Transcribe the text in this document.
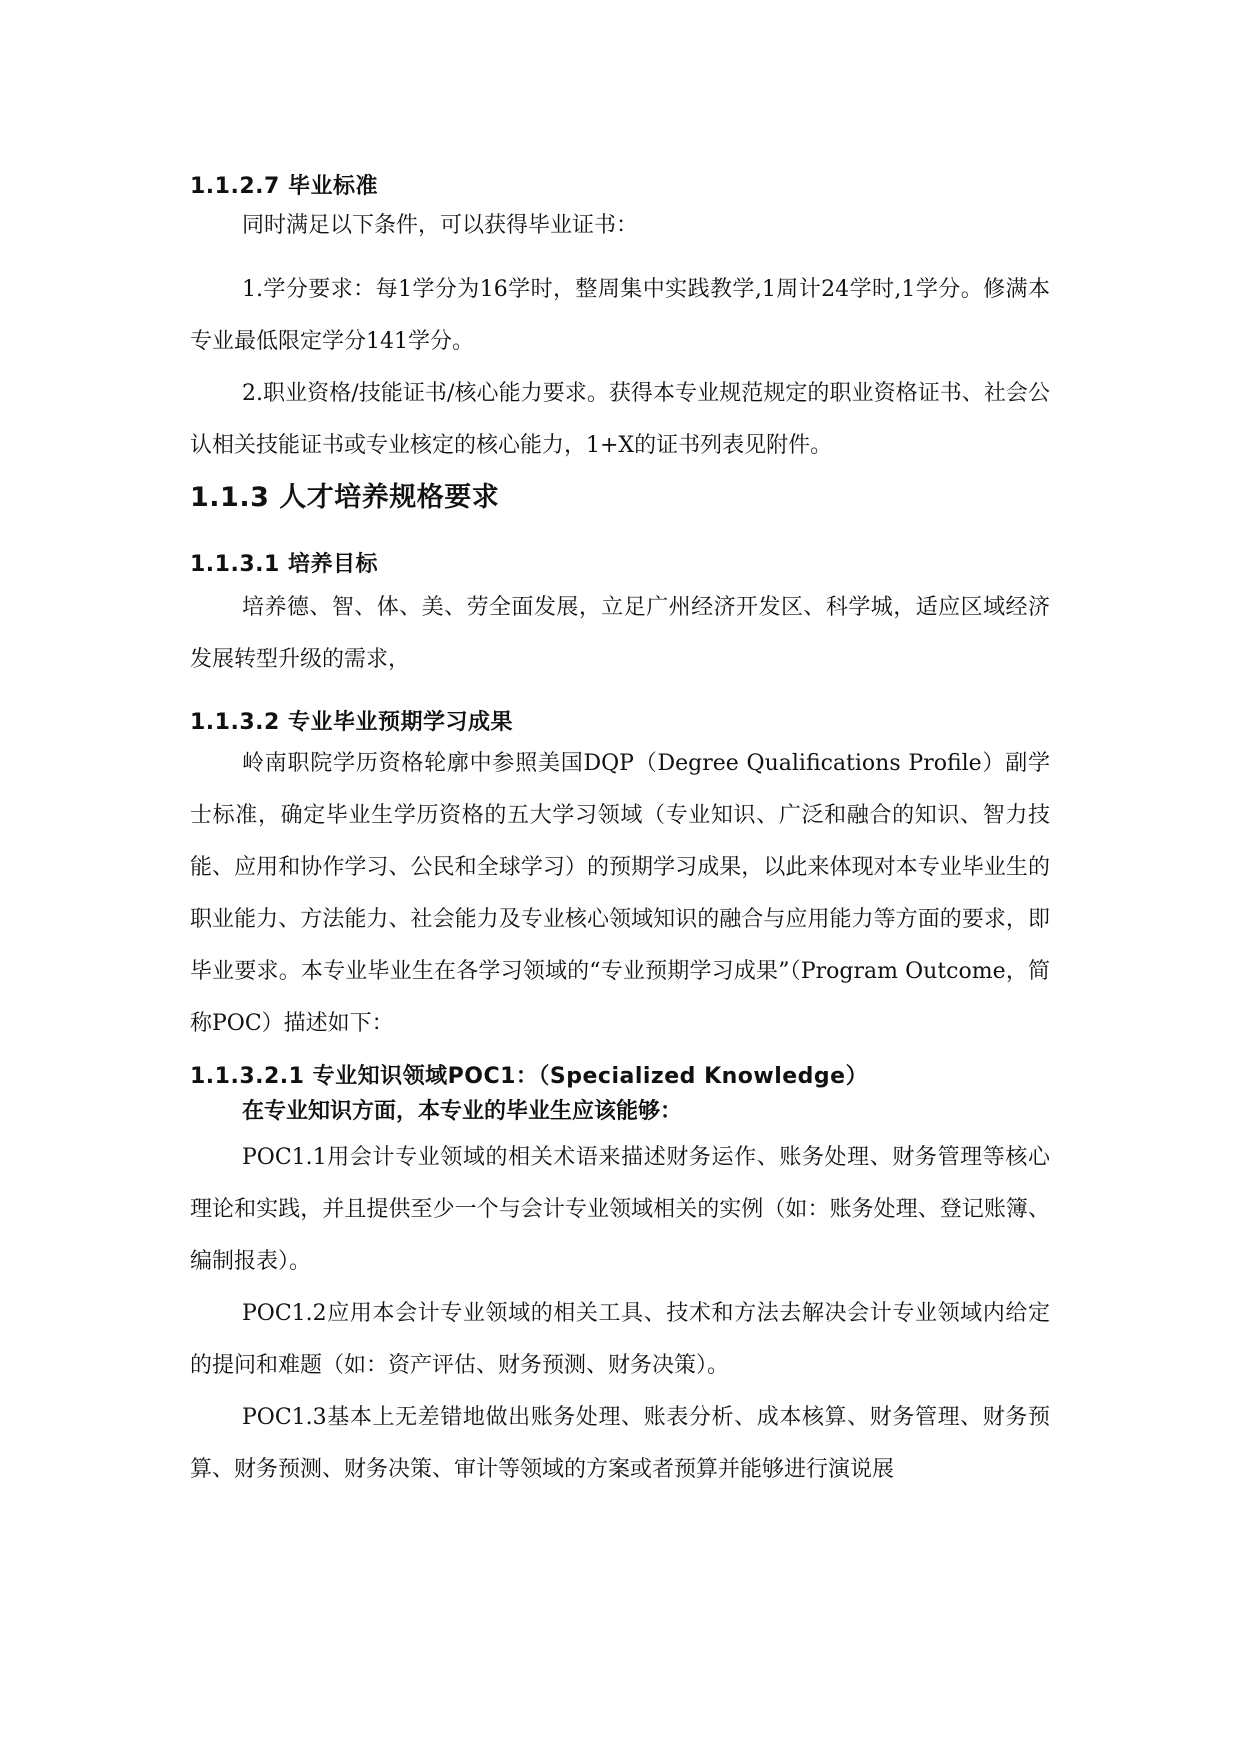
1.1.2.7 毕业标准

同时满足以下条件，可以获得毕业证书：

1.学分要求：每1学分为16学时，整周集中实践教学,1周计24学时,1学分。修满本专业最低限定学分141学分。

2.职业资格/技能证书/核心能力要求。获得本专业规范规定的职业资格证书、社会公认相关技能证书或专业核定的核心能力，1+X的证书列表见附件。

1.1.3 人才培养规格要求

1.1.3.1 培养目标

培养德、智、体、美、劳全面发展，立足广州经济开发区、科学城，适应区域经济发展转型升级的需求，

1.1.3.2 专业毕业预期学习成果

岭南职院学历资格轮廓中参照美国DQP（Degree Qualifications Profile）副学士标准，确定毕业生学历资格的五大学习领域（专业知识、广泛和融合的知识、智力技能、应用和协作学习、公民和全球学习）的预期学习成果，以此来体现对本专业毕业生的职业能力、方法能力、社会能力及专业核心领域知识的融合与应用能力等方面的要求，即毕业要求。本专业毕业生在各学习领域的“专业预期学习成果”（Program Outcome，简称POC）描述如下：

1.1.3.2.1 专业知识领域POC1：（Specialized Knowledge）

在专业知识方面，本专业的毕业生应该能够：

POC1.1用会计专业领域的相关术语来描述财务运作、账务处理、财务管理等核心理论和实践，并且提供至少一个与会计专业领域相关的实例（如：账务处理、登记账簿、编制报表）。

POC1.2应用本会计专业领域的相关工具、技术和方法去解决会计专业领域内给定的提问和难题（如：资产评估、财务预测、财务决策）。

POC1.3基本上无差错地做出账务处理、账表分析、成本核算、财务管理、财务预算、财务预测、财务决策、审计等领域的方案或者预算并能够进行演说展
